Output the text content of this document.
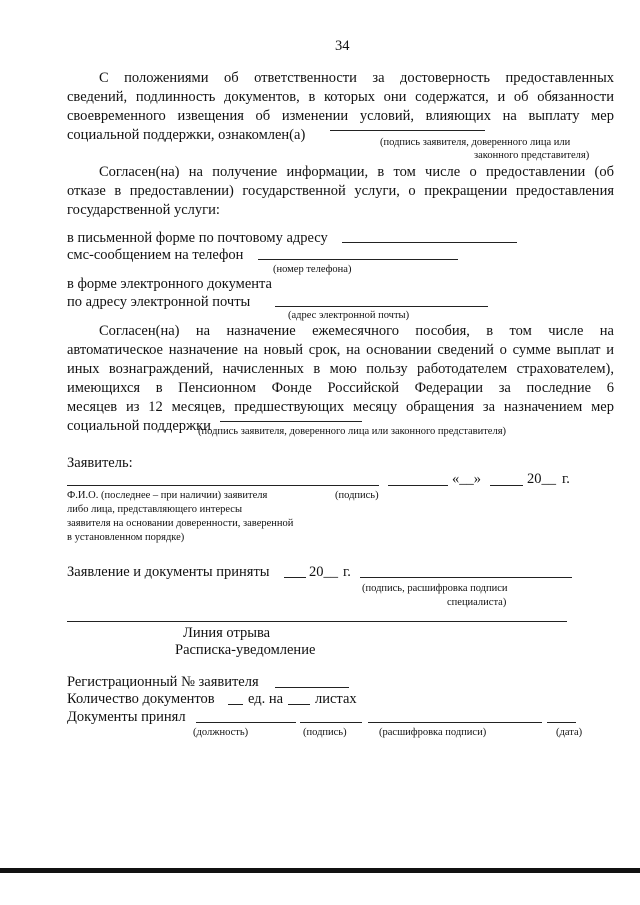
34
С положениями об ответственности за достоверность предоставленных
сведений, подлинность документов, в которых они содержатся, и об обязанности
своевременного извещения об изменении условий, влияющих на выплату мер
социальной поддержки, ознакомлен(а)	(подпись заявителя, доверенного лица или
законного представителя)
Согласен(на) на получение информации, в том числе о предоставлении (об
отказе в предоставлении) государственной услуги, о прекращении предоставления
государственной услуги:
в письменной форме по почтовому адресу
смс-сообщением на телефон
(номер телефона)
в форме электронного документа
по адресу электронной почты
(адрес электронной почты)
Согласен(на) на назначение ежемесячного пособия, в том числе на
автоматическое назначение на новый срок, на основании сведений о сумме выплат и
иных вознаграждений, начисленных в мою пользу работодателем страхователем),
имеющихся в Пенсионном Фонде Российской Федерации за последние 6
месяцев из 12 месяцев, предшествующих месяцу обращения за назначением мер
социальной поддержки
(подпись заявителя, доверенного лица или законного представителя)
Заявитель:
«__»	20__ г.
Ф.И.О. (последнее – при наличии) заявителя	(подпись)
либо лица, представляющего интересы
заявителя на основании доверенности, заверенной
в установленном порядке)
Заявление и документы приняты	20__ г.
(подпись, расшифровка подписи
специалиста)
Линия отрыва
Расписка-уведомление
Регистрационный № заявителя
Количество документов ед. на листах
Документы принял
(должность)	(подпись)	(расшифровка подписи)	(дата)
